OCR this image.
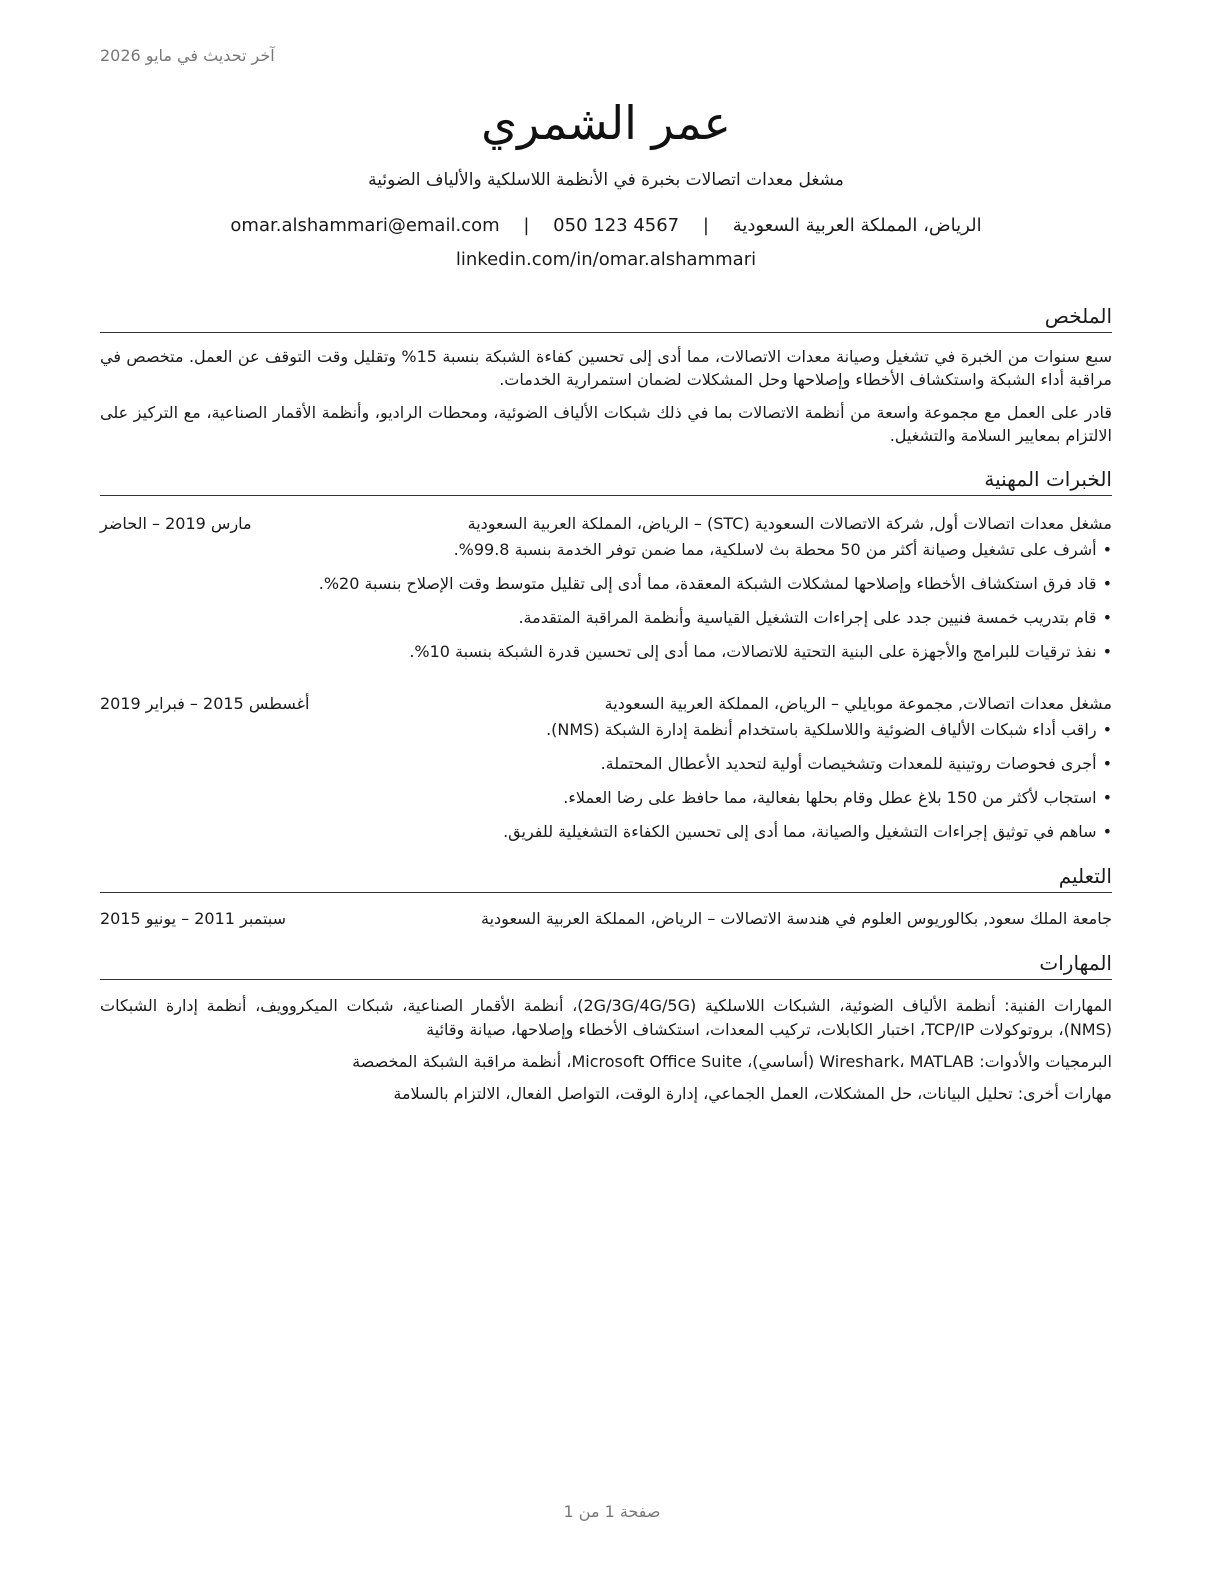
آخر تحديث في مايو 2026
عمر الشمري
مشغل معدات اتصالات بخبرة في الأنظمة اللاسلكية والألياف الضوئية
الرياض، المملكة العربية السعودية | omar.alshammari@email.com | 050 123 4567
linkedin.com/in/omar.alshammari
الملخص
سبع سنوات من الخبرة في تشغيل وصيانة معدات الاتصالات، مما أدى إلى تحسين كفاءة الشبكة بنسبة 15% وتقليل وقت التوقف عن العمل. متخصص في مراقبة أداء الشبكة واستكشاف الأخطاء وإصلاحها وحل المشكلات لضمان استمرارية الخدمات.
قادر على العمل مع مجموعة واسعة من أنظمة الاتصالات بما في ذلك شبكات الألياف الضوئية، ومحطات الراديو، وأنظمة الأقمار الصناعية، مع التركيز على الالتزام بمعايير السلامة والتشغيل.
الخبرات المهنية
مشغل معدات اتصالات أول, شركة الاتصالات السعودية (STC) – الرياض، المملكة العربية السعودية
مارس 2019 – الحاضر
• أشرف على تشغيل وصيانة أكثر من 50 محطة بث لاسلكية، مما ضمن توفر الخدمة بنسبة 99.8%.
• قاد فرق استكشاف الأخطاء وإصلاحها لمشكلات الشبكة المعقدة، مما أدى إلى تقليل متوسط وقت الإصلاح بنسبة 20%.
• قام بتدريب خمسة فنيين جدد على إجراءات التشغيل القياسية وأنظمة المراقبة المتقدمة.
• نفذ ترقيات للبرامج والأجهزة على البنية التحتية للاتصالات، مما أدى إلى تحسين قدرة الشبكة بنسبة 10%.
مشغل معدات اتصالات, مجموعة موبايلي – الرياض، المملكة العربية السعودية
أغسطس 2015 – فبراير 2019
• راقب أداء شبكات الألياف الضوئية واللاسلكية باستخدام أنظمة إدارة الشبكة (NMS).
• أجرى فحوصات روتينية للمعدات وتشخيصات أولية لتحديد الأعطال المحتملة.
• استجاب لأكثر من 150 بلاغ عطل وقام بحلها بفعالية، مما حافظ على رضا العملاء.
• ساهم في توثيق إجراءات التشغيل والصيانة، مما أدى إلى تحسين الكفاءة التشغيلية للفريق.
التعليم
جامعة الملك سعود, بكالوريوس العلوم في هندسة الاتصالات – الرياض، المملكة العربية السعودية
سبتمبر 2011 – يونيو 2015
المهارات
المهارات الفنية: أنظمة الألياف الضوئية، الشبكات اللاسلكية (2G/3G/4G/5G)، أنظمة الأقمار الصناعية، شبكات الميكروويف، أنظمة إدارة الشبكات (NMS)، بروتوكولات TCP/IP، اختبار الكابلات، تركيب المعدات، استكشاف الأخطاء وإصلاحها، صيانة وقائية
البرمجيات والأدوات: Wireshark، MATLAB (أساسي)، Microsoft Office Suite، أنظمة مراقبة الشبكة المخصصة
مهارات أخرى: تحليل البيانات، حل المشكلات، العمل الجماعي، إدارة الوقت، التواصل الفعال، الالتزام بالسلامة
صفحة 1 من 1
